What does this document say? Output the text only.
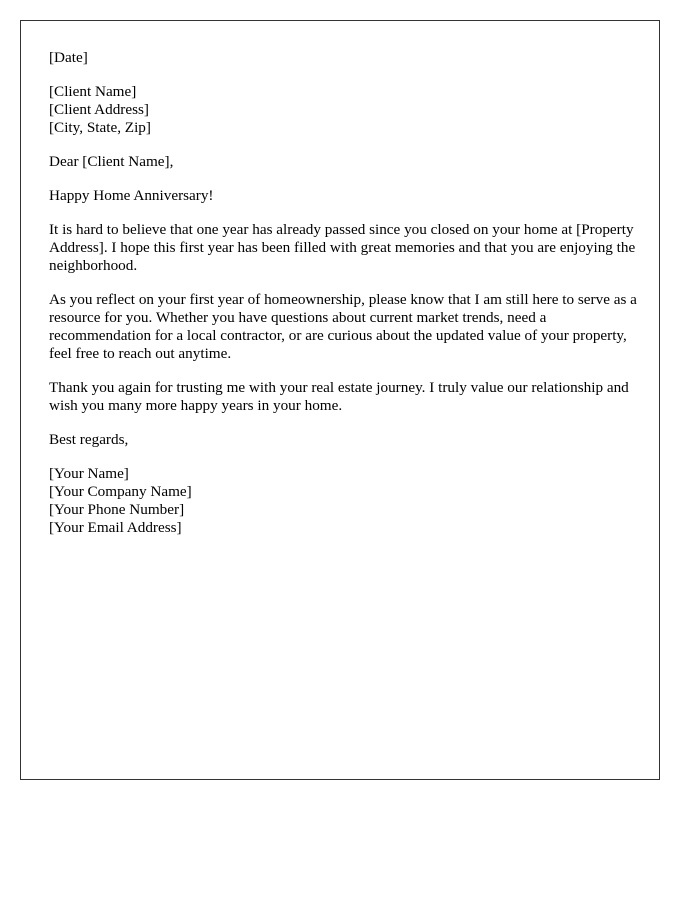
[Date]
[Client Name]
[Client Address]
[City, State, Zip]

Dear [Client Name],

Happy Home Anniversary!

It is hard to believe that one year has already passed since you closed on your home at [Property Address]. I hope this first year has been filled with great memories and that you are enjoying the neighborhood.

As you reflect on your first year of homeownership, please know that I am still here to serve as a resource for you. Whether you have questions about current market trends, need a recommendation for a local contractor, or are curious about the updated value of your property, feel free to reach out anytime.

Thank you again for trusting me with your real estate journey. I truly value our relationship and wish you many more happy years in your home.

Best regards,

[Your Name]
[Your Company Name]
[Your Phone Number]
[Your Email Address]
